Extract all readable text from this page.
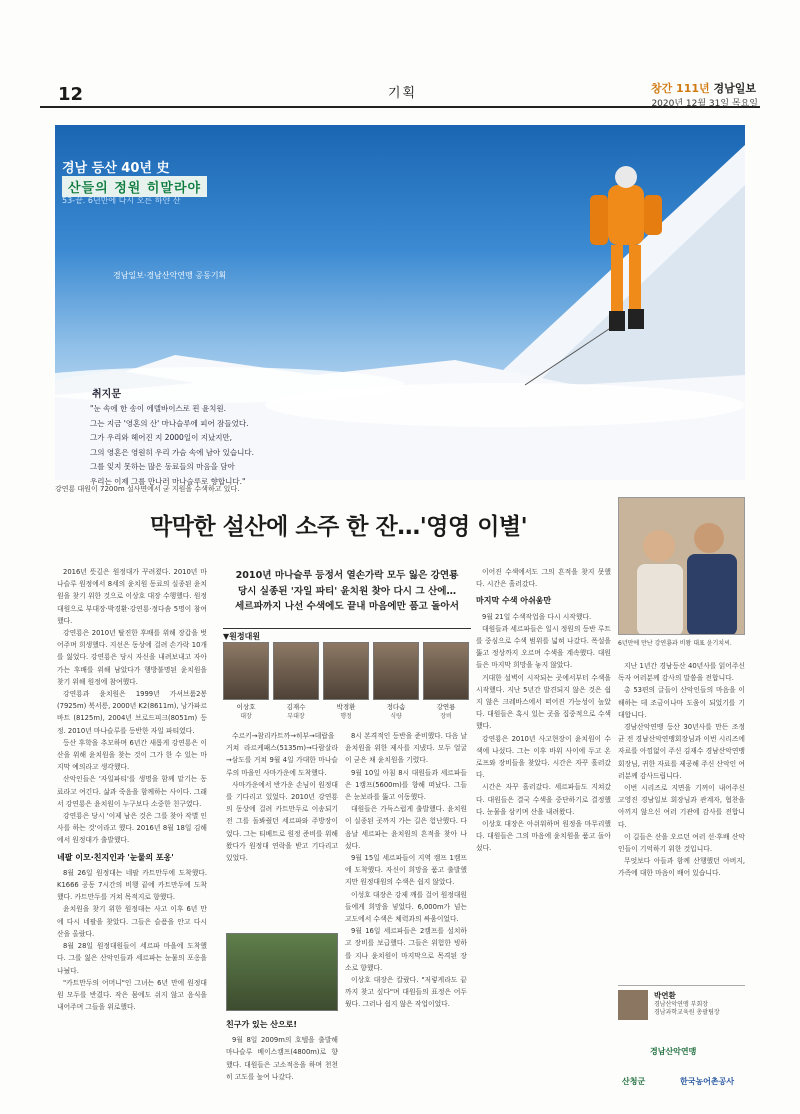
12	기획	창간 111년 경남일보
2020년 12월 31일 목요일
경남일보·경남산악연맹 공동기획
경남 등산 40년 史
산들의 정원 히말라야
53-끝. 6년만에 다시 오른 하얀 산
취지문
"눈 속에 한 송이 에델바이스로 핀 윤치원.
그는 지금 '영혼의 산' 마나슬루에 피어 잠들었다.
그가 우리와 헤어진 지 2000일이 지났지만,
그의 영혼은 영원히 우리 가슴 속에 남아 있습니다.
그를 잊지 못하는 많은 동료들의 마음을 담아
우리는 이제 그를 만나러 마나슬루로 향합니다."
강연룡 대원이 7200m 설사면에서 굳 지원을 수색하고 있다.
막막한 설산에 소주 한 잔…'영영 이별'
6년만에 만난 강연룡과 비왕 대표 윤기치씨.
2010년 마나슬루 등정서 열손가락 모두 잃은 강연룡
당시 실종된 '자일 파티' 윤치원 찾아 다시 그 산에…
세르파까지 나선 수색에도 끝내 마음에만 품고 돌아서
▼원정대원
이상호
대장
김재수
부대장
박경환
행정
정다솜
식량
강연룡
장비

2016년 뜻깊은 원정대가 꾸려졌다. 2010년 마나슬루 원정에서 8세의 윤치원 동료의 실종된 윤치원을 찾기 위한 것으로 이상호 대장 수행했다. 원정대원으로 부대장·박경환·강연룡·정다솜 5명이 참여했다.

강연룡은 2010년 탈진한 후배를 위해 장갑을 벗어주며 희생했다. 지선은 동상에 걸려 손가락 10개를 잃었다. 강연룡은 당시 자신을 내려보내고 자아가는 후배를 위해 남았다가 행방불명된 윤치원을 찾기 위해 원정에 참여했다.

강연룡과 윤치원은 1999년 가셔브룸2봉(7925m) 북서릉, 2000년 K2(8611m), 낭가파르바트 (8125m), 2004년 브로드피크(8051m) 등정. 2010년 마나슬루를 등반한 자일 파티였다.

등산 후학을 추모하며 6년간 새롭게 강연룡은 이 산을 위해 윤치원을 찾는 것이 그가 한 수 있는 마지막 예의라고 생각했다.

산악인들은 '자일파티'를 생명을 함께 맡기는 동료라고 여긴다. 삶과 죽음을 함께하는 사이다. 그래서 강연룡은 윤치원이 누구보다 소중한 친구였다.

강연룡은 당시 '이제 남은 것은 그를 찾아 작별 인사를 하는 것'이라고 했다. 2016년 8월 18일 김해에서 원정대가 출발했다.

네팔 이모·친지인과 '눈물의 포옹'

8월 26일 원정대는 네팔 카트만두에 도착했다. K1666 공동 7시간의 비행 끝에 카트만두에 도착했다. 카트만두를 거쳐 목적지로 향했다.

윤치원을 찾기 위한 원정대는 사고 이후 6년 만에 다시 네팔을 찾았다. 그들은 슬픔을 안고 다시 산을 올랐다.

8월 28일 원정대원들이 세르파 마을에 도착했다. 그를 잃은 산악인들과 세르파는 눈물의 포옹을 나눴다.

"카트만두의 어머니"인 그녀는 6년 만에 원정대원 모두를 반겼다. 작은 몸에도 쉬지 않고 음식을 내어주며 그들을 위로했다.

수르키→참리카트까→히부→데랍을 거쳐 라르케패스(5135m)→다람살라→삼도를 거쳐 9월 4일 가대한 마나슬루의 마을인 사마가운에 도착했다.

사마가운에서 반가운 손님이 원정대를 기다리고 있었다. 2010년 강연룡의 동상에 걸려 카트만두로 이송되기 전 그를 돌봐줬던 세르파와 주방장이었다. 그는 티베트로 원정 준비를 위해 왔다가 원정대 연락을 받고 기다리고 있었다.

친구가 있는 산으로!

9월 8일 2009m의 호텔을 출발해 마나슬루 베이스캠프(4800m)로 향했다. 대원들은 고소적응을 하며 천천히 고도를 높여 나갔다.

8시 본격적인 등반을 준비했다. 다음 날 윤치원을 위한 제사를 지냈다. 모두 얼굴이 굳은 채 윤치원을 기렸다.

9월 10일 아침 8시 대원들과 세르파들은 1캠프(5600m)를 향해 떠났다. 그들은 눈보라를 뚫고 이동했다.

대원들은 가득스럽게 출발했다. 윤치원이 실종된 곳까지 가는 길은 험난했다. 다음날 세르파는 윤치원의 흔적을 찾아 나섰다.

9월 15일 세르파들이 지역 캠프 1캠프에 도착했다. 자신이 희망을 품고 출발했지만 원정대원의 수색은 쉽지 않았다.

이성호 대장은 강제 깨를 걸어 원정대원들에게 희망을 넣었다. 6,000m가 넘는 고도에서 수색은 체력과의 싸움이었다.

9월 16일 세르파들은 2캠프를 설치하고 장비를 보급했다. 그들은 위험한 빙하를 지나 윤치원이 마지막으로 목격된 장소로 향했다.

이상호 대장은 칼랐다. "저렇게라도 끝까지 찾고 싶다"며 대원들의 표정은 어두웠다. 그러나 쉽지 않은 작업이었다.

이어진 수색에서도 그의 흔적을 찾지 못했다. 시간은 흘러갔다.

마지막 수색 아쉬움만

9월 21일 수색작업을 다시 시작했다.

대원들과 세르파들은 일시 정원의 등반 루트를 중심으로 수색 범위를 넓혀 나갔다. 폭설을 뚫고 정상까지 오르며 수색을 계속했다. 대원들은 마지막 희망을 놓지 않았다.

거대한 설벽이 시작되는 곳에서부터 수색을 시작했다. 지난 5년간 발견되지 않은 것은 쉽지 않은 크레바스에서 떠어진 가능성이 높았다. 대원들은 혹시 있는 곳을 집중적으로 수색했다.

강연룡은 2010년 사고현장이 윤치원이 수색에 나섰다. 그는 이후 바위 사이에 두고 온 로프와 장비들을 찾았다. 시간은 자꾸 흘러갔다.

시간은 자꾸 흘러갔다. 세르파들도 지쳐갔다. 대원들은 결국 수색을 중단하기로 결정했다. 눈물을 삼키며 산을 내려왔다.

이상호 대장은 아쉬워하며 원정을 마무리했다. 대원들은 그의 마음에 윤치원을 품고 돌아섰다.

지난 1년간 경남등산 40년사를 읽어주신 독자 여러분께 감사의 말씀을 전합니다.

총 53편의 글들이 산악인들의 마음을 이해하는 데 조금이나마 도움이 되었기를 기대합니다.

경남산악연맹 등산 30년사를 만든 조정균 전 경남산악연맹회장님과 이번 시리즈에 자료를 아낌없이 주신 김재수 경남산악연맹회장님, 귀한 자료를 제공해 주신 산악인 여러분께 감사드립니다.

이번 시리즈로 지면을 기꺼이 내어주신 고영진 경남일보 회장님과 관계자, 협찬을 아끼지 않으신 여러 기관에 감사를 전합니다.

이 길들은 산을 오르던 여러 선·후배 산악인들이 기억하기 위한 것입니다.

무엇보다 아들과 함께 산행했던 아버지, 가족에 대한 마음이 배어 있습니다.

박연환
경남산악연맹 부회장
경남과학교육원 총괄팀장
경남산악연맹
산청군	한국농어촌공사
